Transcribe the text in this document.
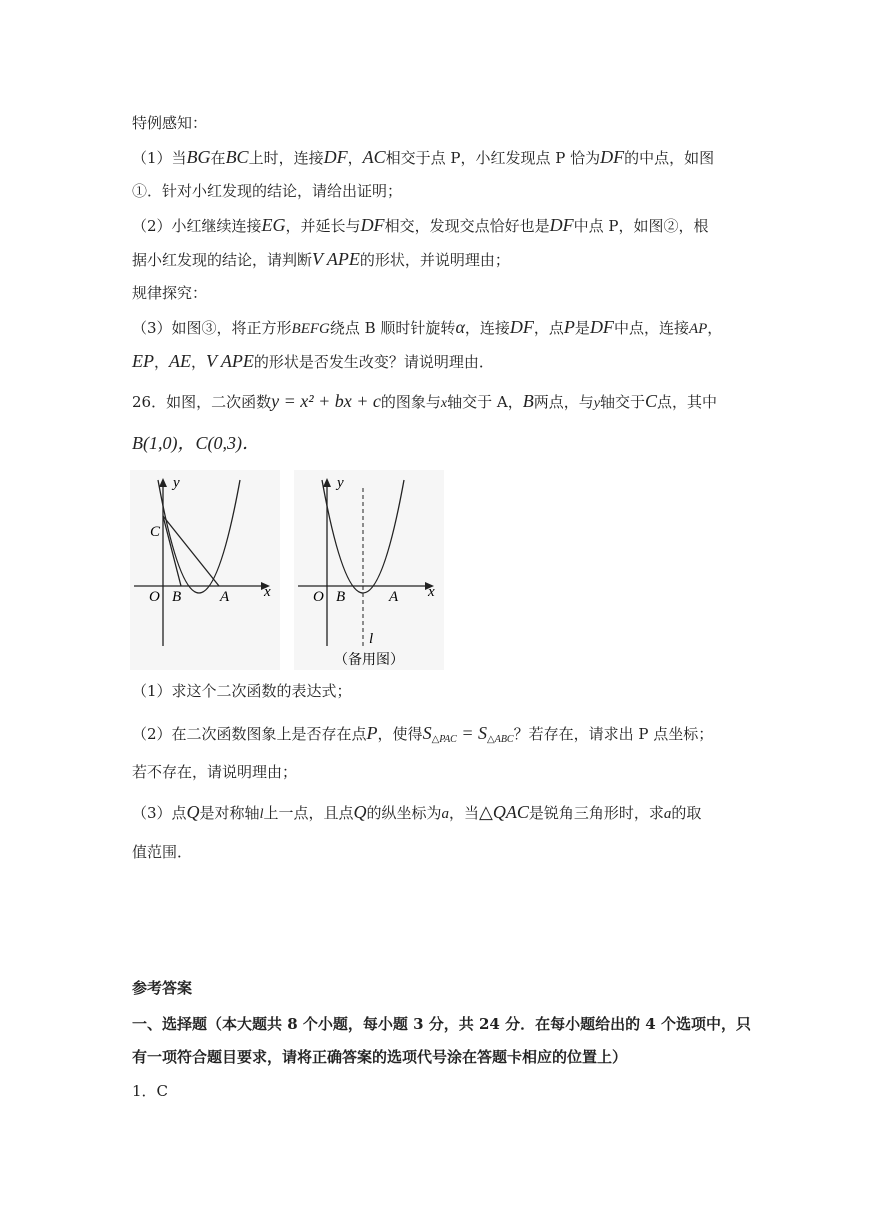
特例感知：
（1）当BG在BC上时，连接DF，AC相交于点 P，小红发现点 P 恰为DF的中点，如图
①．针对小红发现的结论，请给出证明；
（2）小红继续连接EG，并延长与DF相交，发现交点恰好也是DF中点 P，如图②，根
据小红发现的结论，请判断V APE的形状，并说明理由；
规律探究：
（3）如图③，将正方形BEFG绕点 B 顺时针旋转α，连接DF，点P是DF中点，连接AP，
EP，AE，V APE的形状是否发生改变？请说明理由．
26．如图，二次函数y = x² + bx + c的图象与x轴交于 A，B两点，与y轴交于C点，其中
B(1,0)，C(0,3)．
y
x
C
O B	A
y
x
O B	A
l
（备用图）
（1）求这个二次函数的表达式；
（2）在二次函数图象上是否存在点P，使得$S_{\triangle PAC} = S_{\triangle ABC}$？若存在，请求出 P 点坐标；
若不存在，请说明理由；
（3）点Q是对称轴l上一点，且点Q的纵坐标为a，当△QAC是锐角三角形时，求a的取
值范围．
参考答案
一、选择题（本大题共 8 个小题，每小题 3 分，共 24 分．在每小题给出的 4 个选项中，只
有一项符合题目要求，请将正确答案的选项代号涂在答题卡相应的位置上）
1．C
